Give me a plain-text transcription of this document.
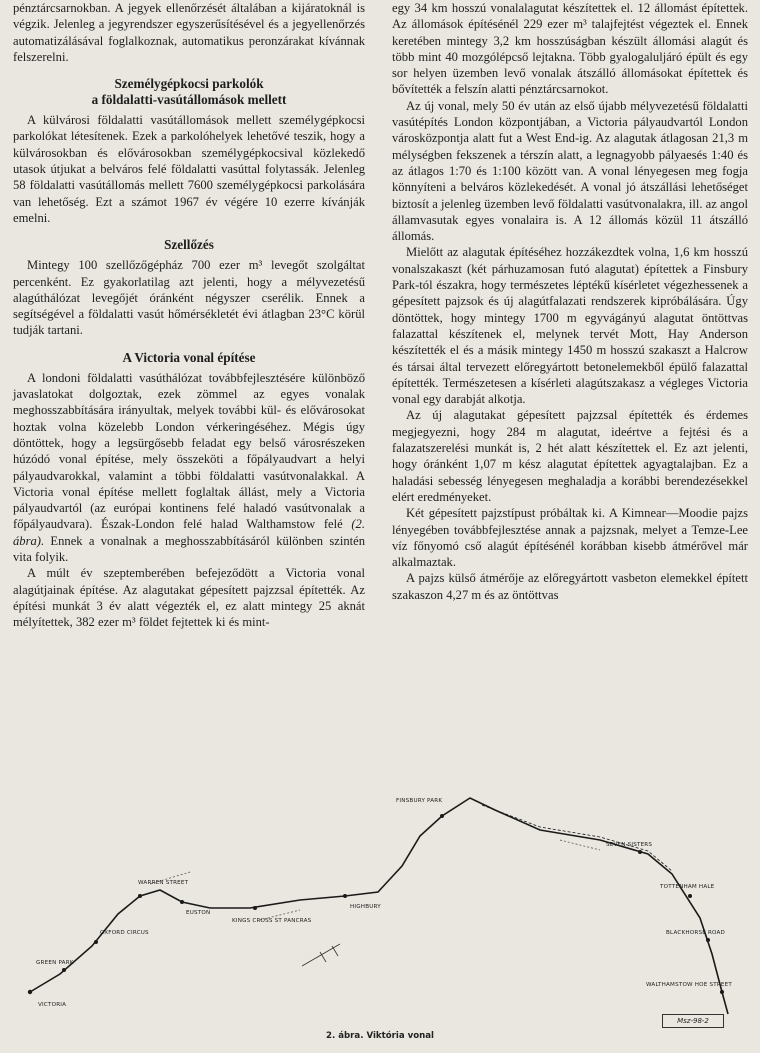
pénztárcsarnokban. A jegyek ellenőrzését általában a kijáratoknál is végzik. Jelenleg a jegyrendszer egyszerűsítésével és a jegyellenőrzés automatizálásával foglalkoznak, automatikus peronzárakat kívánnak felszerelni.

Személygépkocsi parkolók
a földalatti-vasútállomások mellett

A külvárosi földalatti vasútállomások mellett személygépkocsi parkolókat létesítenek. Ezek a parkolóhelyek lehetővé teszik, hogy a külvárosokban és elővárosokban személygépkocsival közlekedő utasok útjukat a belváros felé földalatti vasúttal folytassák. Jelenleg 58 földalatti vasútállomás mellett 7600 személygépkocsi parkolására van lehetőség. Ezt a számot 1967 év végére 10 ezerre kívánják emelni.

Szellőzés

Mintegy 100 szellőzőgépház 700 ezer m³ levegőt szolgáltat percenként. Ez gyakorlatilag azt jelenti, hogy a mélyvezetésű alagúthálózat levegőjét óránként négyszer cserélik. Ennek a segítségével a földalatti vasút hőmérsékletét évi átlagban 23°C körül tudják tartani.

A Victoria vonal építése

A londoni földalatti vasúthálózat továbbfejlesztésére különböző javaslatokat dolgoztak, ezek zömmel az egyes vonalak meghosszabbítására irányultak, melyek további kül- és elővárosokat hoztak volna közelebb London vérkeringéséhez. Mégis úgy döntöttek, hogy a legsürgősebb feladat egy belső városrészeken húzódó vonal építése, mely összeköti a főpályaudvart a helyi pályaudvarokkal, valamint a többi földalatti vasútvonalakkal. A Victoria vonal építése mellett foglaltak állást, mely a Victoria pályaudvartól (az európai kontinens felé haladó vasútvonalak a főpályaudvara). Észak-London felé halad Walthamstow felé (2. ábra). Ennek a vonalnak a meghosszabbításáról különben szintén vita folyik.

A múlt év szeptemberében befejeződött a Victoria vonal alagútjainak építése. Az alagutakat gépesített pajzzsal építették. Az építési munkát 3 év alatt végezték el, ez alatt mintegy 25 aknát mélyítettek, 382 ezer m³ földet fejtettek ki és mint-

egy 34 km hosszú vonalalagutat készítettek el. 12 állomást építettek. Az állomások építésénél 229 ezer m³ talajfejtést végeztek el. Ennek keretében mintegy 3,2 km hosszúságban készült állomási alagút és több mint 40 mozgólépcső lejtakna. Több gyalogaluljáró épült és egy sor helyen üzemben levő vonalak átszálló állomásokat építettek és bővítették a felszín alatti pénztárcsarnokot.

Az új vonal, mely 50 év után az első újabb mélyvezetésű földalatti vasútépítés London központjában, a Victoria pályaudvartól London városközpontja alatt fut a West End-ig. Az alagutak átlagosan 21,3 m mélységben fekszenek a térszín alatt, a legnagyobb pályaesés 1:40 és az átlagos 1:70 és 1:100 között van. A vonal lényegesen meg fogja könnyíteni a belváros közlekedését. A vonal jó átszállási lehetőséget biztosít a jelenleg üzemben levő földalatti vasútvonalakra, ill. az angol államvasutak egyes vonalaira is. A 12 állomás közül 11 átszálló állomás.

Mielőtt az alagutak építéséhez hozzákezdtek volna, 1,6 km hosszú vonalszakaszt (két párhuzamosan futó alagutat) építettek a Finsbury Park-tól északra, hogy természetes léptékű kísérletet végezhessenek a gépesített pajzsok és új alagútfalazati rendszerek kipróbálására. Úgy döntöttek, hogy mintegy 1700 m egyvágányú alagutat öntöttvas falazattal készítenek el, melynek tervét Mott, Hay Anderson készítették el és a másik mintegy 1450 m hosszú szakaszt a Halcrow és társai által tervezett előregyártott betonelemekből épülő falazattal építették. Természetesen a kísérleti alagútszakasz a végleges Victoria vonal egy darabját alkotja.

Az új alagutakat gépesített pajzzsal építették és érdemes megjegyezni, hogy 284 m alagutat, ideértve a fejtési és a falazatszerelési munkát is, 2 hét alatt készítettek el. Ez azt jelenti, hogy óránként 1,07 m kész alagutat építettek agyagtalajban. Ez a haladási sebesség lényegesen meghaladja a korábbi berendezésekkel elért eredményeket.

Két gépesített pajzstípust próbáltak ki. A Kimnear—Moodie pajzs lényegében továbbfejlesztése annak a pajzsnak, melyet a Temze-Lee víz főnyomó cső alagút építésénél korábban kisebb átmérővel már alkalmaztak.

A pajzs külső átmérője az előregyártott vasbeton elemekkel épített szakaszon 4,27 m és az öntöttvas

VICTORIA
GREEN PARK
OXFORD CIRCUS
WARREN STREET
EUSTON
KINGS CROSS ST PANCRAS
HIGHBURY
FINSBURY PARK
SEVEN SISTERS
TOTTENHAM HALE
BLACKHORSE ROAD
WALTHAMSTOW HOE STREET
Msz-98-2
2. ábra. Viktória vonal
